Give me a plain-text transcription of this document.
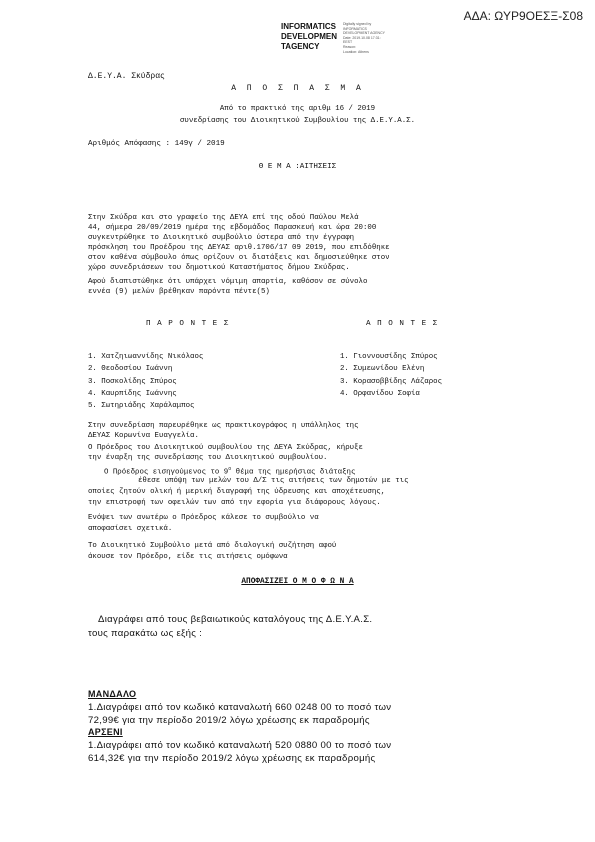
ΑΔΑ: ΩΥΡ9ΟΕΣΞ-Σ08
INFORMATICS
DEVELOPMEN
TAGENCY
Digitally signed by
INFORMATICS
DEVELOPMENT AGENCY
Date: 2019.10.08 17:31:
EEST
Reason:
Location: Athens
Δ.Ε.Υ.Α. Σκύδρας
Α Π Ο Σ Π Α Σ Μ Α
Από το πρακτικό της αριθμ 16 / 2019
συνεδρίασης του Διοικητικού Συμβουλίου της Δ.Ε.Υ.Α.Σ.
Αριθμός Απόφασης : 149γ / 2019
Θ Ε Μ Α :ΑΙΤΗΣΕΙΣ

Στην Σκύδρα και στο γραφείο της ΔΕΥΑ επί της οδού Παύλου Μελά

44, σήμερα 20/09/2019 ημέρα της εβδομάδος Παρασκευή και ώρα 20:00

συγκεντρώθηκε το Διοικητικό συμβούλιο ύστερα από την έγγραφη

πρόσκληση του Προέδρου της ΔΕΥΑΣ αριθ.1706/17 09 2019, που επιδόθηκε

στον καθένα σύμβουλο όπως ορίζουν οι διατάξεις και δημοσιεύθηκε στον

χώρο συνεδριάσεων του δημοτικού Καταστήματος δήμου Σκύδρας.

Αφού διαπιστώθηκε ότι υπάρχει νόμιμη απαρτία, καθόσον σε σύνολο

εννέα (9) μελών βρέθηκαν παρόντα πέντε(5)

Π Α Ρ Ο Ν Τ Ε Σ	Α Π Ο Ν Τ Ε Σ

1. Χατζηιωαννίδης Νικόλαος

2. Θεοδοσίου Ιωάννη

3. Ποσκολίδης Σπύρος

4. Καυρπίδης Ιωάννης

5. Σωτηριάδης Χαράλαμπος

1. Γιοννουσίδης Σπύρος

2. Συμεωνίδου Ελένη

3. Κορασοββίδης Λάζαρος

4. Ορφανίδου Σοφία

Στην συνεδρίαση παρευρέθηκε ως πρακτικογράφος η υπάλληλος της

ΔΕΥΑΣ Κορωνίνα Ευαγγελία.

Ο Πρόεδρος του Διοικητικού συμβουλίου της ΔΕΥΑ Σκύδρας, κήρυξε

την έναρξη της συνεδρίασης του Διοικητικού συμβουλίου.

Ο Πρόεδρος εισηγούμενος το $9^o$ θέμα της ημερήσιας διάταξης

έθεσε υπόψη των μελών του Δ/Σ τις αιτήσεις των δημοτών με τις

οποίες ζητούν ολική ή μερική διαγραφή της ύδρευσης και αποχέτευσης,

την επιστροφή των οφειλών των από την εφορία για διάφορους λόγους.

Ενόψει των ανωτέρω ο Πρόεδρος κάλεσε το συμβούλιο να

αποφασίσει σχετικά.

Το Διοικητικό Συμβούλιο μετά από διαλογική συζήτηση αφού

άκουσε τον Πρόεδρο, είδε τις αιτήσεις ομόφωνα

ΑΠΟΦΑΣΙΖΕΙ Ο Μ Ο Φ Ω Ν Α
Διαγράφει από τους βεβαιωτικούς καταλόγους της Δ.Ε.Υ.Α.Σ.
τους παρακάτω ως εξής :
ΜΑΝΔΑΛΟ
1.Διαγράφει από τον κωδικό καταναλωτή 660 0248 00 το ποσό των
72,99€ για την περίοδο 2019/2 λόγω χρέωσης εκ παραδρομής
ΑΡΣΕΝΙ
1.Διαγράφει από τον κωδικό καταναλωτή 520 0880 00 το ποσό των
614,32€ για την περίοδο 2019/2 λόγω χρέωσης εκ παραδρομής
